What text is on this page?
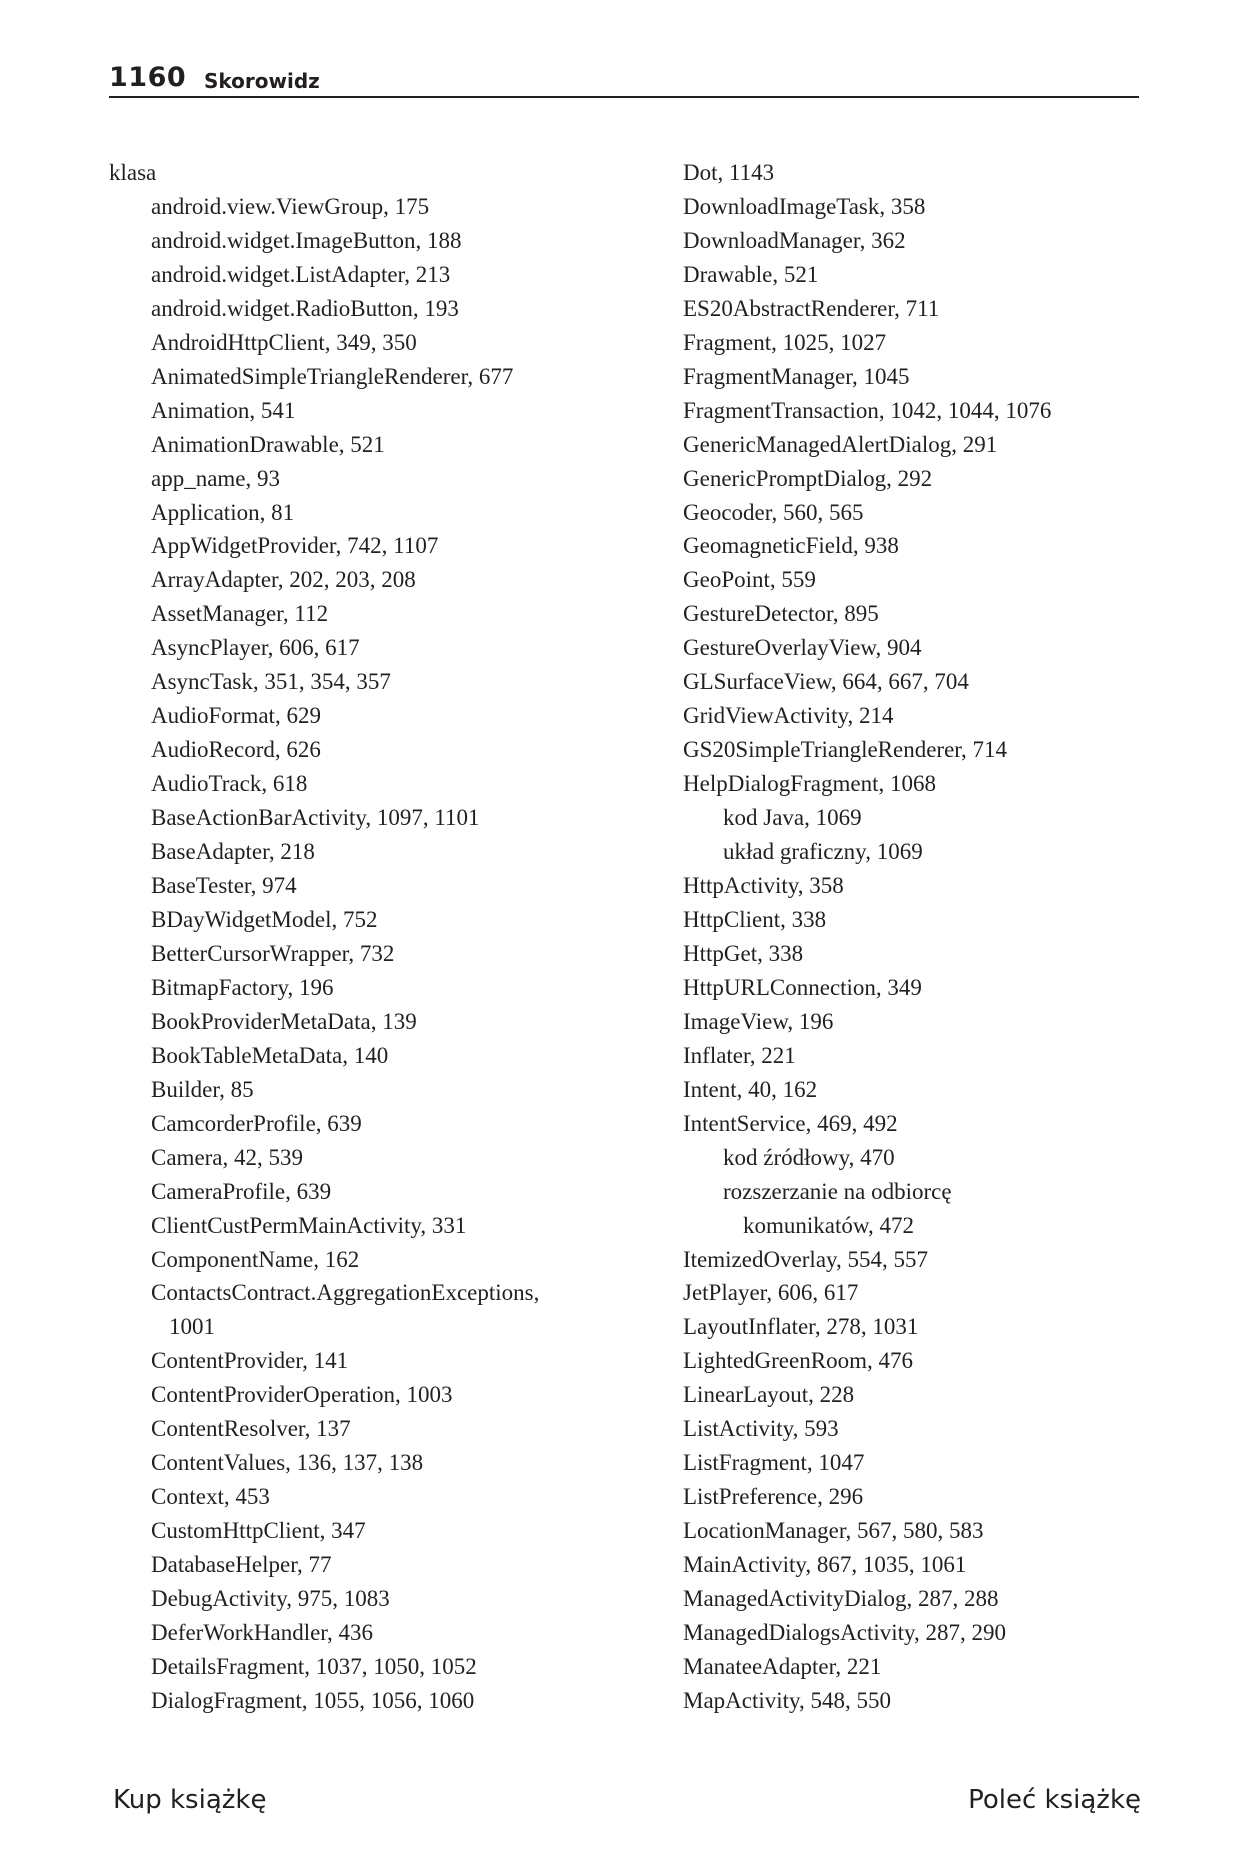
1160 Skorowidz
klasa
android.view.ViewGroup, 175
android.widget.ImageButton, 188
android.widget.ListAdapter, 213
android.widget.RadioButton, 193
AndroidHttpClient, 349, 350
AnimatedSimpleTriangleRenderer, 677
Animation, 541
AnimationDrawable, 521
app_name, 93
Application, 81
AppWidgetProvider, 742, 1107
ArrayAdapter, 202, 203, 208
AssetManager, 112
AsyncPlayer, 606, 617
AsyncTask, 351, 354, 357
AudioFormat, 629
AudioRecord, 626
AudioTrack, 618
BaseActionBarActivity, 1097, 1101
BaseAdapter, 218
BaseTester, 974
BDayWidgetModel, 752
BetterCursorWrapper, 732
BitmapFactory, 196
BookProviderMetaData, 139
BookTableMetaData, 140
Builder, 85
CamcorderProfile, 639
Camera, 42, 539
CameraProfile, 639
ClientCustPermMainActivity, 331
ComponentName, 162
ContactsContract.AggregationExceptions,
1001
ContentProvider, 141
ContentProviderOperation, 1003
ContentResolver, 137
ContentValues, 136, 137, 138
Context, 453
CustomHttpClient, 347
DatabaseHelper, 77
DebugActivity, 975, 1083
DeferWorkHandler, 436
DetailsFragment, 1037, 1050, 1052
DialogFragment, 1055, 1056, 1060
Dot, 1143
DownloadImageTask, 358
DownloadManager, 362
Drawable, 521
ES20AbstractRenderer, 711
Fragment, 1025, 1027
FragmentManager, 1045
FragmentTransaction, 1042, 1044, 1076
GenericManagedAlertDialog, 291
GenericPromptDialog, 292
Geocoder, 560, 565
GeomagneticField, 938
GeoPoint, 559
GestureDetector, 895
GestureOverlayView, 904
GLSurfaceView, 664, 667, 704
GridViewActivity, 214
GS20SimpleTriangleRenderer, 714
HelpDialogFragment, 1068
kod Java, 1069
układ graficzny, 1069
HttpActivity, 358
HttpClient, 338
HttpGet, 338
HttpURLConnection, 349
ImageView, 196
Inflater, 221
Intent, 40, 162
IntentService, 469, 492
kod źródłowy, 470
rozszerzanie na odbiorcę
komunikatów, 472
ItemizedOverlay, 554, 557
JetPlayer, 606, 617
LayoutInflater, 278, 1031
LightedGreenRoom, 476
LinearLayout, 228
ListActivity, 593
ListFragment, 1047
ListPreference, 296
LocationManager, 567, 580, 583
MainActivity, 867, 1035, 1061
ManagedActivityDialog, 287, 288
ManagedDialogsActivity, 287, 290
ManateeAdapter, 221
MapActivity, 548, 550
Kup książkę	Poleć książkę
